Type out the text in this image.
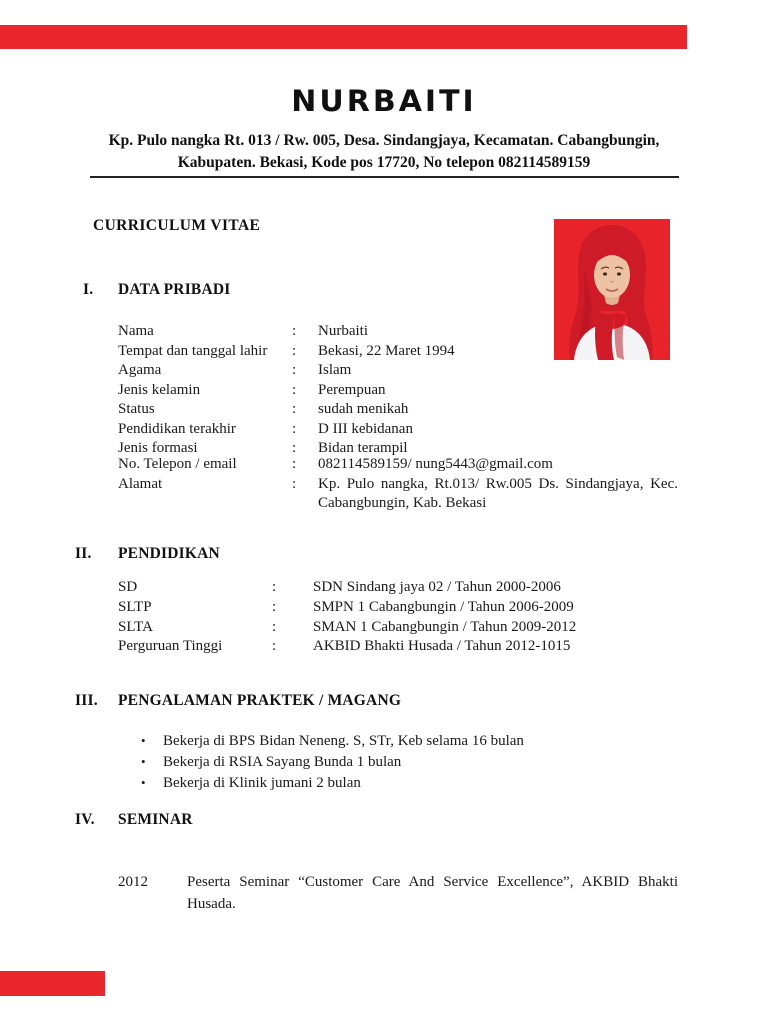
NURBAITI
Kp. Pulo nangka Rt. 013 / Rw. 005, Desa. Sindangjaya, Kecamatan. Cabangbungin,
Kabupaten. Bekasi, Kode pos 17720, No telepon 082114589159
CURRICULUM VITAE
I. DATA PRIBADI
Nama	:	Nurbaiti
Tempat dan tanggal lahir	:	Bekasi, 22 Maret 1994
Agama	:	Islam
Jenis kelamin	:	Perempuan
Status	:	sudah menikah
Pendidikan terakhir	:	D III kebidanan
Jenis formasi	:	Bidan terampil
No. Telepon / email	:	082114589159/ nung5443@gmail.com
Alamat	:	Kp. Pulo nangka, Rt.013/ Rw.005 Ds. Sindangjaya, Kec. Cabangbungin, Kab. Bekasi
II. PENDIDIKAN
SD	:	SDN Sindang jaya 02 / Tahun 2000-2006
SLTP	:	SMPN 1 Cabangbungin / Tahun 2006-2009
SLTA	:	SMAN 1 Cabangbungin / Tahun 2009-2012
Perguruan Tinggi	:	AKBID Bhakti Husada / Tahun 2012-1015
III. PENGALAMAN PRAKTEK / MAGANG
•	Bekerja di BPS Bidan Neneng. S, STr, Keb selama 16 bulan
•	Bekerja di RSIA Sayang Bunda 1 bulan
•	Bekerja di Klinik jumani 2 bulan
IV. SEMINAR
2012	Peserta Seminar “Customer Care And Service Excellence”, AKBID Bhakti Husada.
